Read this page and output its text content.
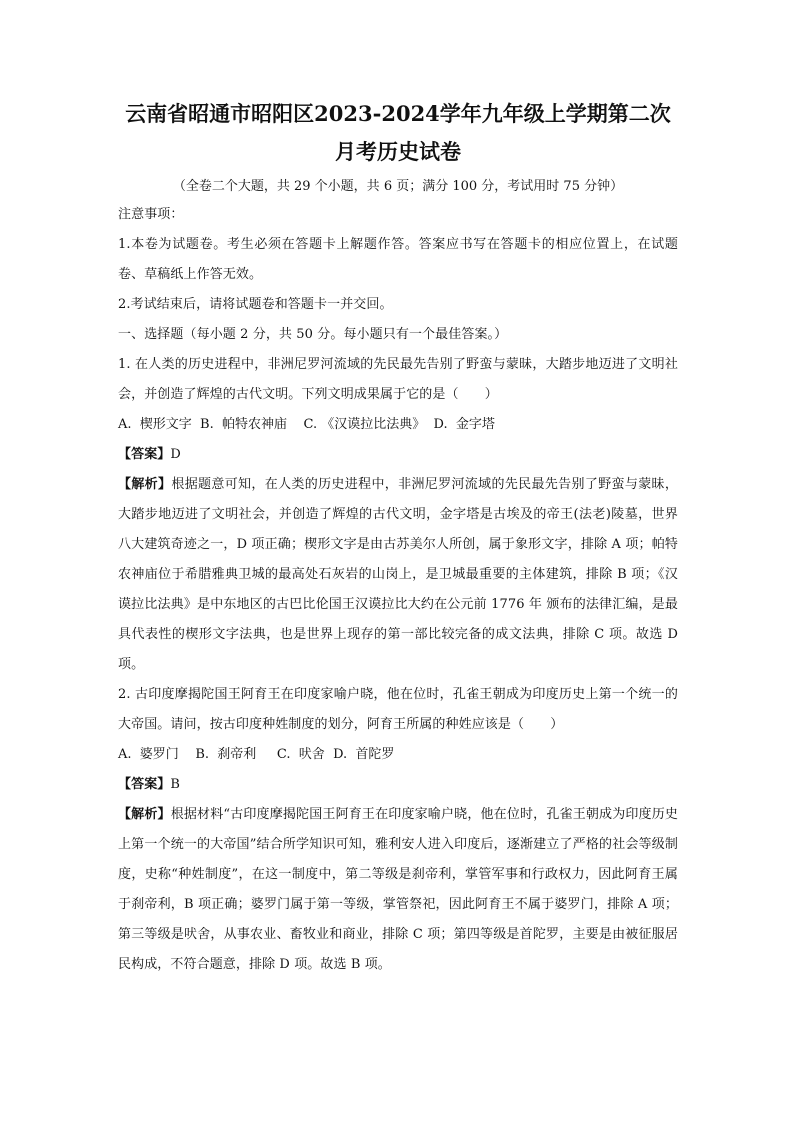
云南省昭通市昭阳区2023-2024学年九年级上学期第二次

月考历史试卷

（全卷二个大题，共 29 个小题，共 6 页；满分 100 分，考试用时 75 分钟）

注意事项：

1.本卷为试题卷。考生必须在答题卡上解题作答。答案应书写在答题卡的相应位置上，在试题卷、草稿纸上作答无效。

2.考试结束后，请将试题卷和答题卡一并交回。

一、选择题（每小题 2 分，共 50 分。每小题只有一个最佳答案。）

1. 在人类的历史进程中，非洲尼罗河流域的先民最先告别了野蛮与蒙昧，大踏步地迈进了文明社会，并创造了辉煌的古代文明。下列文明成果属于它的是（　　）

A.  楔形文字  B.  帕特农神庙    C. 《汉谟拉比法典》  D.  金字塔

【答案】D

【解析】根据题意可知，在人类的历史进程中，非洲尼罗河流域的先民最先告别了野蛮与蒙昧，大踏步地迈进了文明社会，并创造了辉煌的古代文明，金字塔是古埃及的帝王(法老)陵墓，世界八大建筑奇迹之一，D 项正确；楔形文字是由古苏美尔人所创，属于象形文字，排除 A 项；帕特农神庙位于希腊雅典卫城的最高处石灰岩的山岗上，是卫城最重要的主体建筑，排除 B 项；《汉谟拉比法典》是中东地区的古巴比伦国王汉谟拉比大约在公元前 1776 年 颁布的法律汇编，是最具代表性的楔形文字法典，也是世界上现存的第一部比较完备的成文法典，排除 C 项。故选 D 项。

2. 古印度摩揭陀国王阿育王在印度家喻户晓，他在位时，孔雀王朝成为印度历史上第一个统一的大帝国。请问，按古印度种姓制度的划分，阿育王所属的种姓应该是（　　）

A.  婆罗门    B.  刹帝利     C.  吠舍  D.  首陀罗

【答案】B

【解析】根据材料“古印度摩揭陀国王阿育王在印度家喻户晓，他在位时，孔雀王朝成为印度历史上第一个统一的大帝国”结合所学知识可知，雅利安人进入印度后，逐渐建立了严格的社会等级制度，史称“种姓制度”，在这一制度中，第二等级是刹帝利，掌管军事和行政权力，因此阿育王属于刹帝利，B 项正确；婆罗门属于第一等级，掌管祭祀，因此阿育王不属于婆罗门，排除 A 项；第三等级是吠舍，从事农业、畜牧业和商业，排除 C 项；第四等级是首陀罗，主要是由被征服居民构成，不符合题意，排除 D 项。故选 B 项。
